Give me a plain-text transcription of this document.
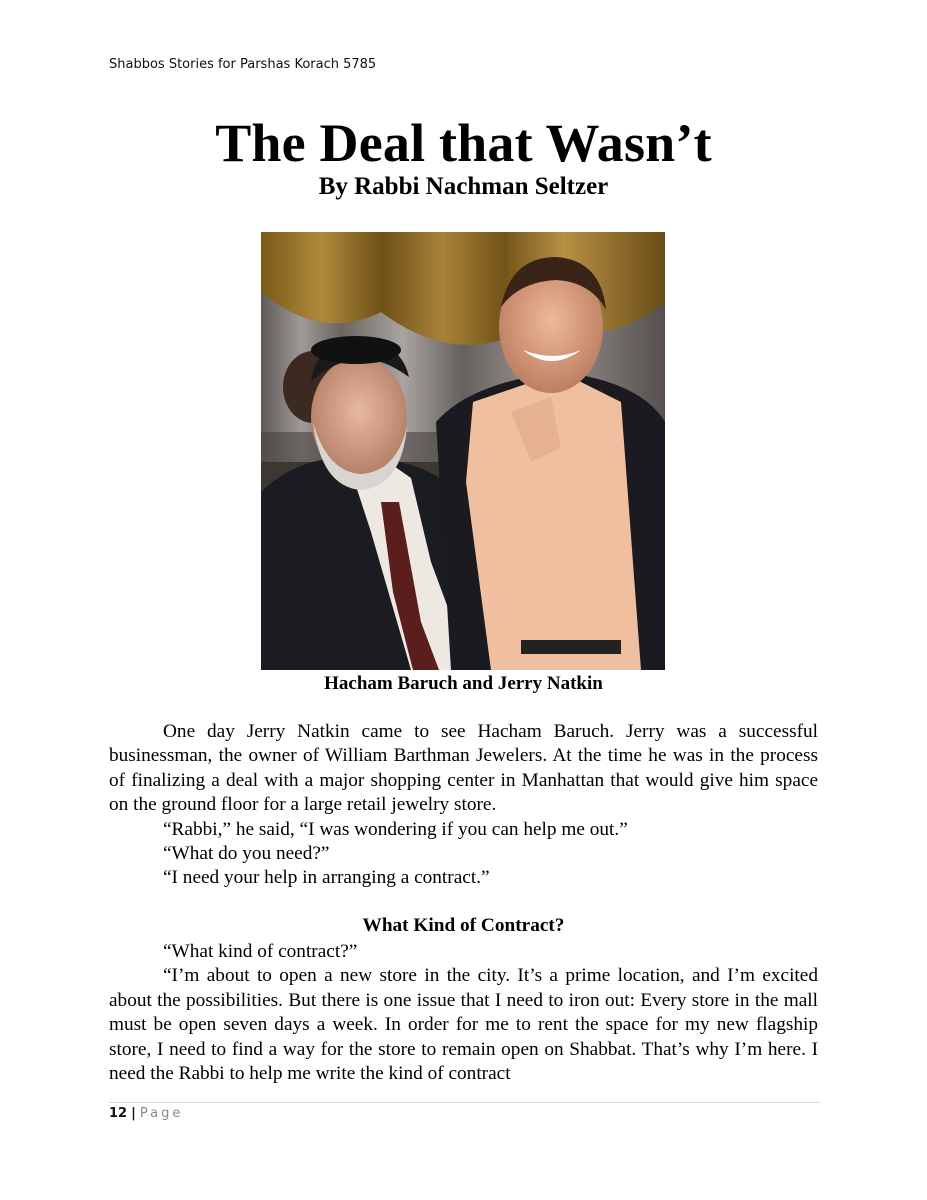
Shabbos Stories for Parshas Korach 5785
The Deal that Wasn’t
By Rabbi Nachman Seltzer
Hacham Baruch and Jerry Natkin

One day Jerry Natkin came to see Hacham Baruch. Jerry was a successful businessman, the owner of William Barthman Jewelers. At the time he was in the process of finalizing a deal with a major shopping center in Manhattan that would give him space on the ground floor for a large retail jewelry store.

“Rabbi,” he said, “I was wondering if you can help me out.”

“What do you need?”

“I need your help in arranging a contract.”

What Kind of Contract?

“What kind of contract?”

“I’m about to open a new store in the city. It’s a prime location, and I’m excited about the possibilities. But there is one issue that I need to iron out: Every store in the mall must be open seven days a week. In order for me to rent the space for my new flagship store, I need to find a way for the store to remain open on Shabbat. That’s why I’m here. I need the Rabbi to help me write the kind of contract

12 | Page
